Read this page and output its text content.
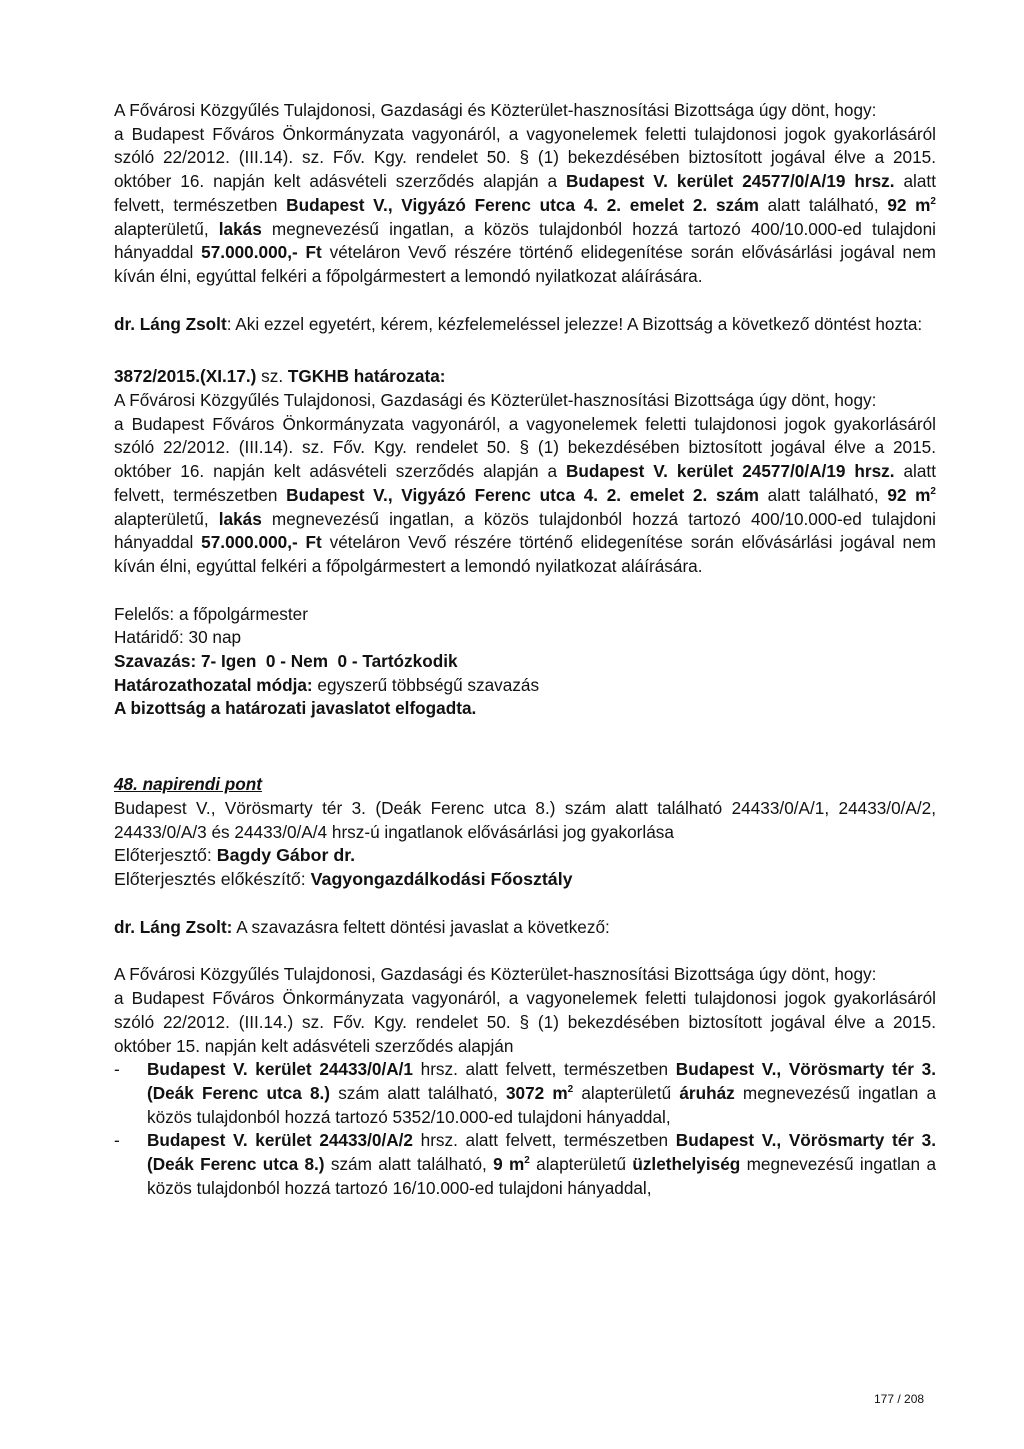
A Fővárosi Közgyűlés Tulajdonosi, Gazdasági és Közterület-hasznosítási Bizottsága úgy dönt, hogy:

a Budapest Főváros Önkormányzata vagyonáról, a vagyonelemek feletti tulajdonosi jogok gyakorlásáról szóló 22/2012. (III.14). sz. Főv. Kgy. rendelet 50. § (1) bekezdésében biztosított jogával élve a 2015. október 16. napján kelt adásvételi szerződés alapján a Budapest V. kerület 24577/0/A/19 hrsz. alatt felvett, természetben Budapest V., Vigyázó Ferenc utca 4. 2. emelet 2. szám alatt található, 92 $m^2$ alapterületű, lakás megnevezésű ingatlan, a közös tulajdonból hozzá tartozó 400/10.000-ed tulajdoni hányaddal 57.000.000,- Ft vételáron Vevő részére történő elidegenítése során elővásárlási jogával nem kíván élni, egyúttal felkéri a főpolgármestert a lemondó nyilatkozat aláírására.

dr. Láng Zsolt: Aki ezzel egyetért, kérem, kézfelemeléssel jelezze! A Bizottság a következő döntést hozta:

3872/2015.(XI.17.) sz. TGKHB határozata:

A Fővárosi Közgyűlés Tulajdonosi, Gazdasági és Közterület-hasznosítási Bizottsága úgy dönt, hogy:

a Budapest Főváros Önkormányzata vagyonáról, a vagyonelemek feletti tulajdonosi jogok gyakorlásáról szóló 22/2012. (III.14). sz. Főv. Kgy. rendelet 50. § (1) bekezdésében biztosított jogával élve a 2015. október 16. napján kelt adásvételi szerződés alapján a Budapest V. kerület 24577/0/A/19 hrsz. alatt felvett, természetben Budapest V., Vigyázó Ferenc utca 4. 2. emelet 2. szám alatt található, 92 $m^2$ alapterületű, lakás megnevezésű ingatlan, a közös tulajdonból hozzá tartozó 400/10.000-ed tulajdoni hányaddal 57.000.000,- Ft vételáron Vevő részére történő elidegenítése során elővásárlási jogával nem kíván élni, egyúttal felkéri a főpolgármestert a lemondó nyilatkozat aláírására.

Felelős: a főpolgármester

Határidő: 30 nap

Szavazás: 7- Igen  0 - Nem  0 - Tartózkodik

Határozathozatal módja: egyszerű többségű szavazás

A bizottság a határozati javaslatot elfogadta.

48. napirendi pont

Budapest V., Vörösmarty tér 3. (Deák Ferenc utca 8.) szám alatt található 24433/0/A/1, 24433/0/A/2, 24433/0/A/3 és 24433/0/A/4 hrsz-ú ingatlanok elővásárlási jog gyakorlása

Előterjesztő: Bagdy Gábor dr.

Előterjesztés előkészítő: Vagyongazdálkodási Főosztály

dr. Láng Zsolt: A szavazásra feltett döntési javaslat a következő:

A Fővárosi Közgyűlés Tulajdonosi, Gazdasági és Közterület-hasznosítási Bizottsága úgy dönt, hogy:

a Budapest Főváros Önkormányzata vagyonáról, a vagyonelemek feletti tulajdonosi jogok gyakorlásáról szóló 22/2012. (III.14.) sz. Főv. Kgy. rendelet 50. § (1) bekezdésében biztosított jogával élve a 2015. október 15. napján kelt adásvételi szerződés alapján

- Budapest V. kerület 24433/0/A/1 hrsz. alatt felvett, természetben Budapest V., Vörösmarty tér 3. (Deák Ferenc utca 8.) szám alatt található, 3072 $m^2$ alapterületű áruház megnevezésű ingatlan a közös tulajdonból hozzá tartozó 5352/10.000-ed tulajdoni hányaddal,
- Budapest V. kerület 24433/0/A/2 hrsz. alatt felvett, természetben Budapest V., Vörösmarty tér 3. (Deák Ferenc utca 8.) szám alatt található, 9 $m^2$ alapterületű üzlethelyiség megnevezésű ingatlan a közös tulajdonból hozzá tartozó 16/10.000-ed tulajdoni hányaddal,
177 / 208
